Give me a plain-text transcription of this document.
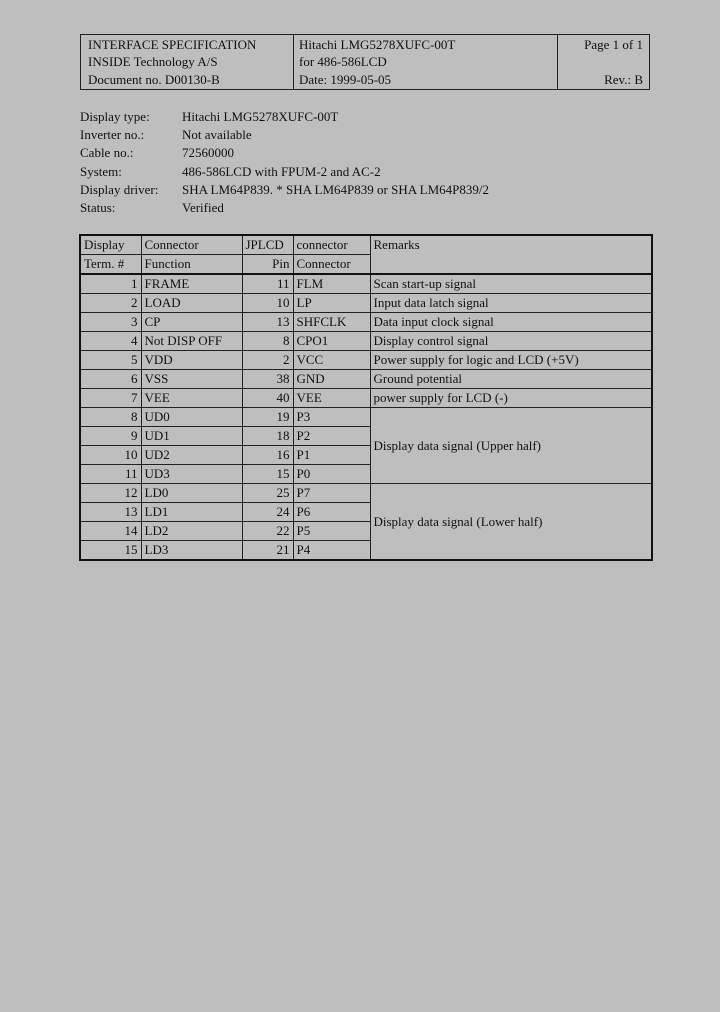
INTERFACE SPECIFICATION	Hitachi LMG5278XUFC-00T	Page 1 of 1
INSIDE Technology A/S	for 486-586LCD
Document no. D00130-B	Date: 1999-05-05	Rev.: B
Display type: Hitachi LMG5278XUFC-00T
Inverter no.:	Not available
Cable no.:	72560000
System:	486-586LCD with FPUM-2 and AC-2
Display driver: SHA LM64P839. * SHA LM64P839 or SHA LM64P839/2
Status:	Verified
Display	Connector	JPLCD	connector	Remarks
Term. #	Function	Pin	Connector	
1	FRAME	11	FLM	Scan start-up signal
2	LOAD	10	LP	Input data latch signal
3	CP	13	SHFCLK	Data input clock signal
4	Not DISP OFF	8	CPO1	Display control signal
5	VDD	2	VCC	Power supply for logic and LCD (+5V)
6	VSS	38	GND	Ground potential
7	VEE	40	VEE	power supply for LCD (-)
8	UD0	19	P3	Display data signal (Upper half)
9	UD1	18	P2	
10	UD2	16	P1	
11	UD3	15	P0	
12	LD0	25	P7	Display data signal (Lower half)
13	LD1	24	P6	
14	LD2	22	P5	
15	LD3	21	P4	
